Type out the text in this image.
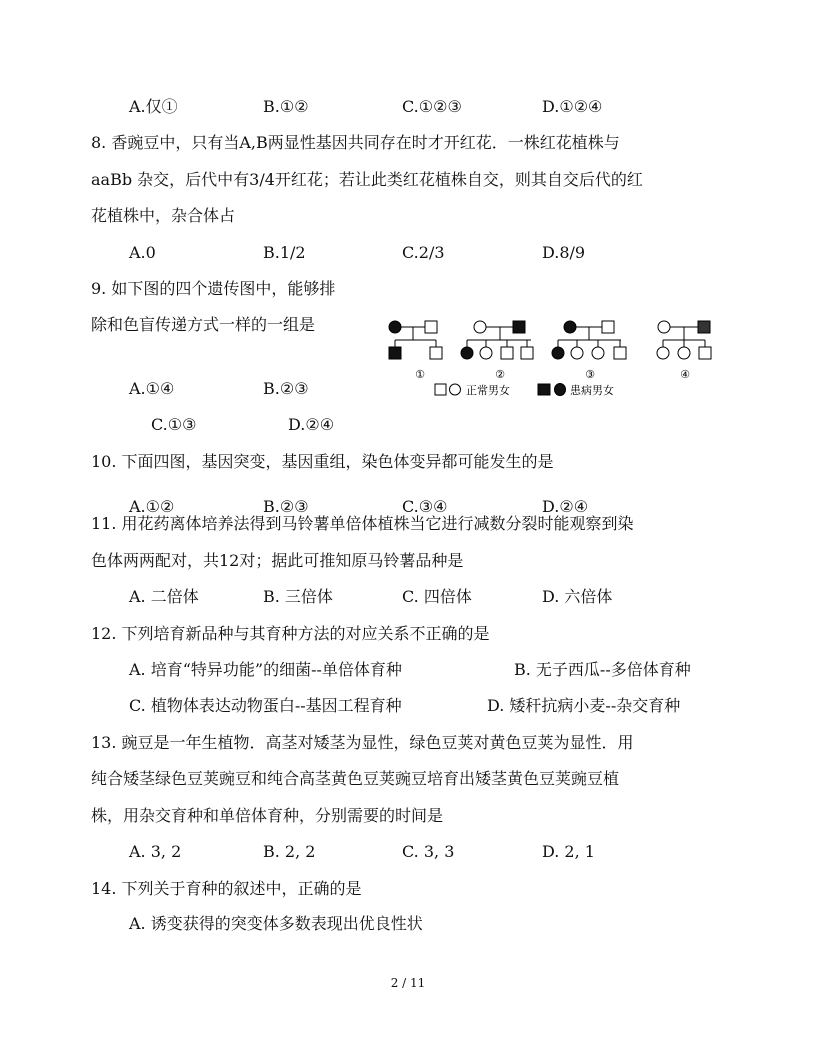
A.仅①	B.①②	C.①②③	D.①②④
8. 香豌豆中，只有当A,B两显性基因共同存在时才开红花．一株红花植株与
aaBb 杂交，后代中有3/4开红花；若让此类红花植株自交，则其自交后代的红
花植株中，杂合体占
A.0	B.1/2	C.2/3	D.8/9
9. 如下图的四个遗传图中，能够排
除和色盲传递方式一样的一组是
①	②	③	④
正常男女	患病男女
A.①④	B.②③
C.①③	D.②④
10. 下面四图，基因突变，基因重组，染色体变异都可能发生的是
A.①②	B.②③	C.③④	D.②④
11. 用花药离体培养法得到马铃薯单倍体植株当它进行减数分裂时能观察到染
色体两两配对，共12对；据此可推知原马铃薯品种是
A. 二倍体	B. 三倍体	C. 四倍体	D. 六倍体
12. 下列培育新品种与其育种方法的对应关系不正确的是
A. 培育“特异功能”的细菌--单倍体育种	B. 无子西瓜--多倍体育种
C. 植物体表达动物蛋白--基因工程育种	D. 矮秆抗病小麦--杂交育种
13. 豌豆是一年生植物．高茎对矮茎为显性，绿色豆荚对黄色豆荚为显性．用
纯合矮茎绿色豆荚豌豆和纯合高茎黄色豆荚豌豆培育出矮茎黄色豆荚豌豆植
株，用杂交育种和单倍体育种，分别需要的时间是
A. 3, 2	B. 2, 2	C. 3, 3	D. 2, 1
14. 下列关于育种的叙述中，正确的是
A. 诱变获得的突变体多数表现出优良性状
2 / 11
